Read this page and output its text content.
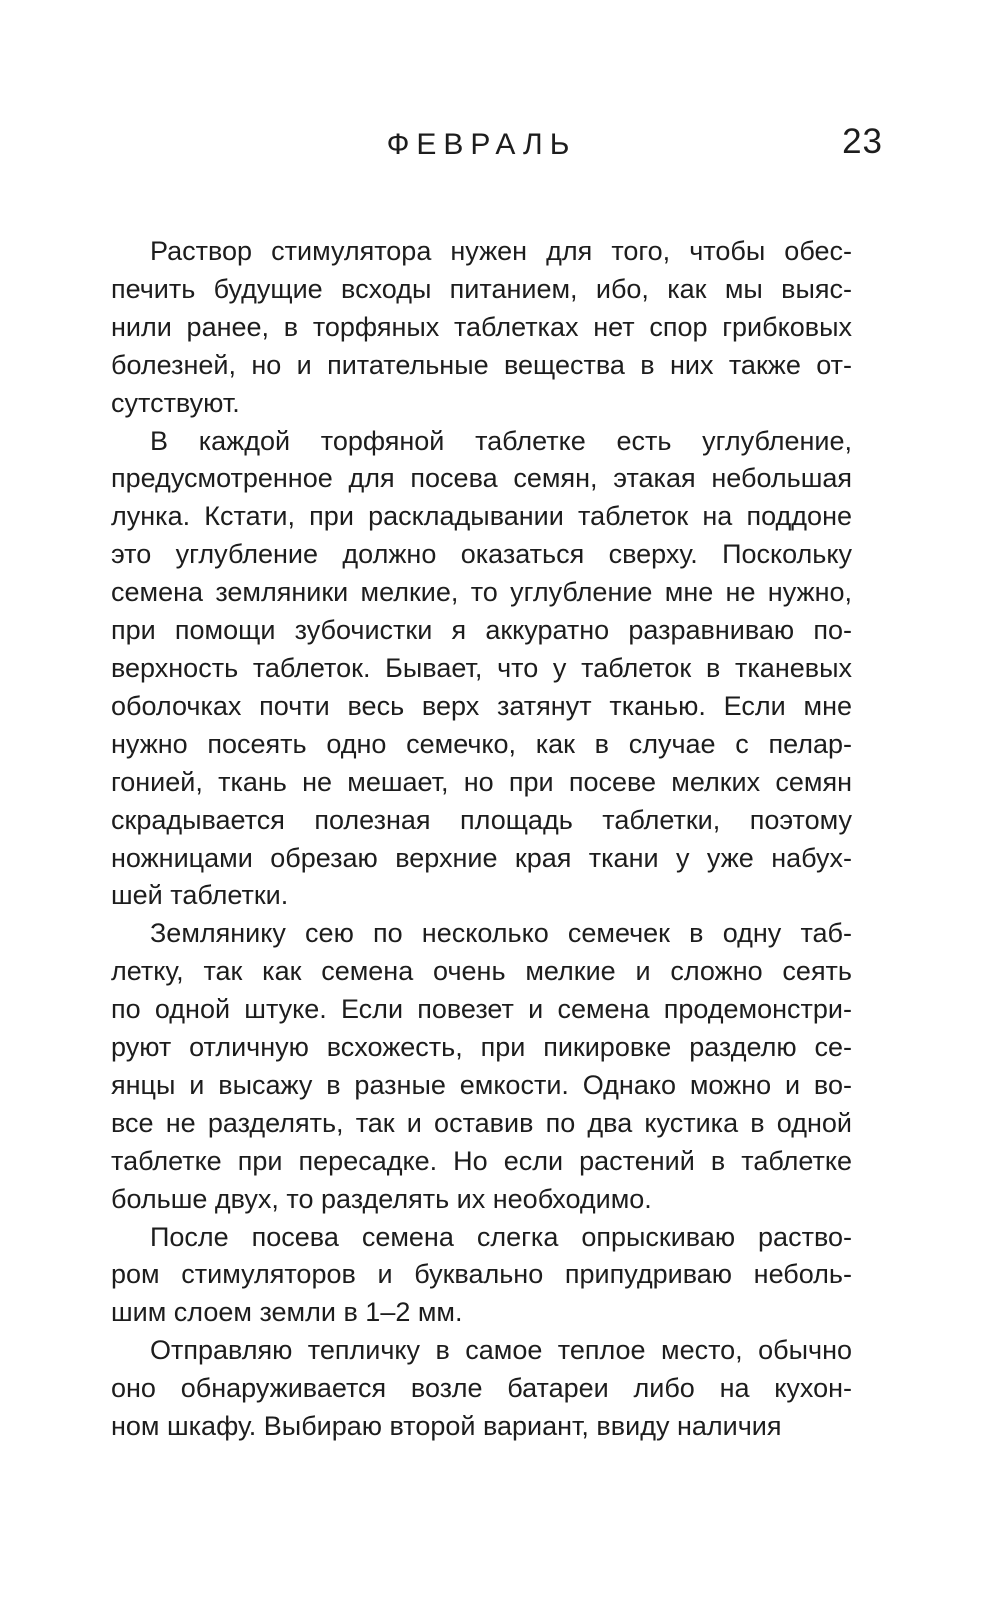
ФЕВРАЛЬ	23
Раствор стимулятора нужен для того, чтобы обес-
печить будущие всходы питанием, ибо, как мы выяс-
нили ранее, в торфяных таблетках нет спор грибковых
болезней, но и питательные вещества в них также от-
сутствуют.
В каждой торфяной таблетке есть углубление,
предусмотренное для посева семян, этакая небольшая
лунка. Кстати, при раскладывании таблеток на поддоне
это углубление должно оказаться сверху. Поскольку
семена земляники мелкие, то углубление мне не нужно,
при помощи зубочистки я аккуратно разравниваю по-
верхность таблеток. Бывает, что у таблеток в тканевых
оболочках почти весь верх затянут тканью. Если мне
нужно посеять одно семечко, как в случае с пелар-
гонией, ткань не мешает, но при посеве мелких семян
скрадывается полезная площадь таблетки, поэтому
ножницами обрезаю верхние края ткани у уже набух-
шей таблетки.
Землянику сею по несколько семечек в одну таб-
летку, так как семена очень мелкие и сложно сеять
по одной штуке. Если повезет и семена продемонстри-
руют отличную всхожесть, при пикировке разделю се-
янцы и высажу в разные емкости. Однако можно и во-
все не разделять, так и оставив по два кустика в одной
таблетке при пересадке. Но если растений в таблетке
больше двух, то разделять их необходимо.
После посева семена слегка опрыскиваю раство-
ром стимуляторов и буквально припудриваю неболь-
шим слоем земли в 1–2 мм.
Отправляю тепличку в самое теплое место, обычно
оно обнаруживается возле батареи либо на кухон-
ном шкафу. Выбираю второй вариант, ввиду наличия
